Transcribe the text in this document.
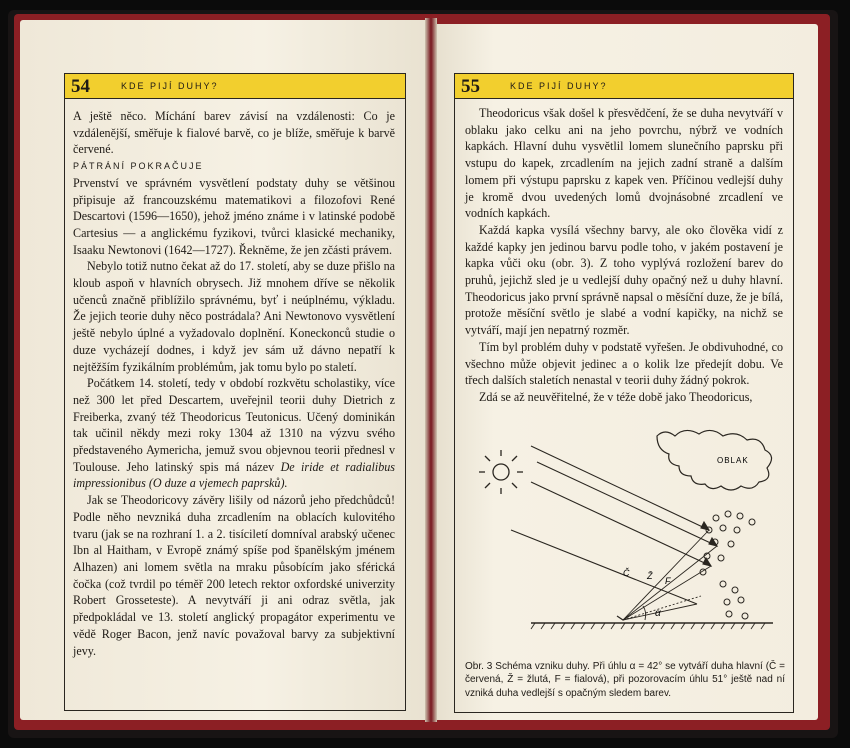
54	KDE PIJÍ DUHY?

A ještě něco. Míchání barev závisí na vzdálenosti: Co je vzdálenější, směřuje k fialové barvě, co je blíže, směřuje k barvě červené.

PÁTRÁNÍ POKRAČUJE

Prvenství ve správném vysvětlení podstaty duhy se většinou připisuje až francouzskému matematikovi a filozofovi René Descartovi (1596—1650), jehož jméno známe i v latinské podobě Cartesius — a anglickému fyzikovi, tvůrci klasické mechaniky, Isaaku Newtonovi (1642—1727). Řekněme, že jen zčásti právem.

Nebylo totiž nutno čekat až do 17. století, aby se duze přišlo na kloub aspoň v hlavních obrysech. Již mnohem dříve se několik učenců značně přiblížilo správnému, byť i neúplnému, výkladu. Že jejich teorie duhy něco postrádala? Ani Newtonovo vysvětlení ještě nebylo úplné a vyžadovalo doplnění. Koneckonců studie o duze vycházejí dodnes, i když jev sám už dávno nepatří k nejtěžším fyzikálním problémům, jak tomu bylo po staletí.

Počátkem 14. století, tedy v období rozkvětu scholastiky, více než 300 let před Descartem, uveřejnil teorii duhy Dietrich z Freiberka, zvaný též Theodoricus Teutonicus. Učený dominikán tak učinil někdy mezi roky 1304 až 1310 na výzvu svého představeného Aymericha, jemuž svou objevnou teorii přednesl v Toulouse. Jeho latinský spis má název De iride et radialibus impressionibus (O duze a vjemech paprsků).

Jak se Theodoricovy závěry lišily od názorů jeho předchůdců! Podle něho nevzniká duha zrcadlením na oblacích kulovitého tvaru (jak se na rozhraní 1. a 2. tisíciletí domníval arabský učenec Ibn al Haitham, v Evropě známý spíše pod španělským jménem Alhazen) ani lomem světla na mraku působícím jako sférická čočka (což tvrdil po téměř 200 letech rektor oxfordské univerzity Robert Grosseteste). A nevytváří ji ani odraz světla, jak předpokládal ve 13. století anglický propagátor experimentu ve vědě Roger Bacon, jenž navíc považoval barvy za subjektivní jevy.

55	KDE PIJÍ DUHY?

Theodoricus však došel k přesvědčení, že se duha nevytváří v oblaku jako celku ani na jeho povrchu, nýbrž ve vodních kapkách. Hlavní duhu vysvětlil lomem slunečního paprsku při vstupu do kapek, zrcadlením na jejich zadní straně a dalším lomem při výstupu paprsku z kapek ven. Příčinou vedlejší duhy je kromě dvou uvedených lomů dvojnásobné zrcadlení ve vodních kapkách.

Každá kapka vysílá všechny barvy, ale oko člověka vidí z každé kapky jen jedinou barvu podle toho, v jakém postavení je kapka vůči oku (obr. 3). Z toho vyplývá rozložení barev do pruhů, jejichž sled je u vedlejší duhy opačný než u duhy hlavní. Theodoricus jako první správně napsal o měsíční duze, že je bílá, protože měsíční světlo je slabé a vodní kapičky, na nichž se vytváří, mají jen nepatrný rozměr.

Tím byl problém duhy v podstatě vyřešen. Je obdivuhodné, co všechno může objevit jedinec a o kolik lze předejít dobu. Ve třech dalších staletích nenastal v teorii duhy žádný pokrok.

Zdá se až neuvěřitelné, že v téže době jako Theodoricus,

OBLAK
Č Ž F
α
Obr. 3 Schéma vzniku duhy. Při úhlu α = 42° se vytváří duha hlavní (Č = červená, Ž = žlutá, F = fialová), při pozorovacím úhlu 51° ještě nad ní vzniká duha vedlejší s opačným sledem barev.
